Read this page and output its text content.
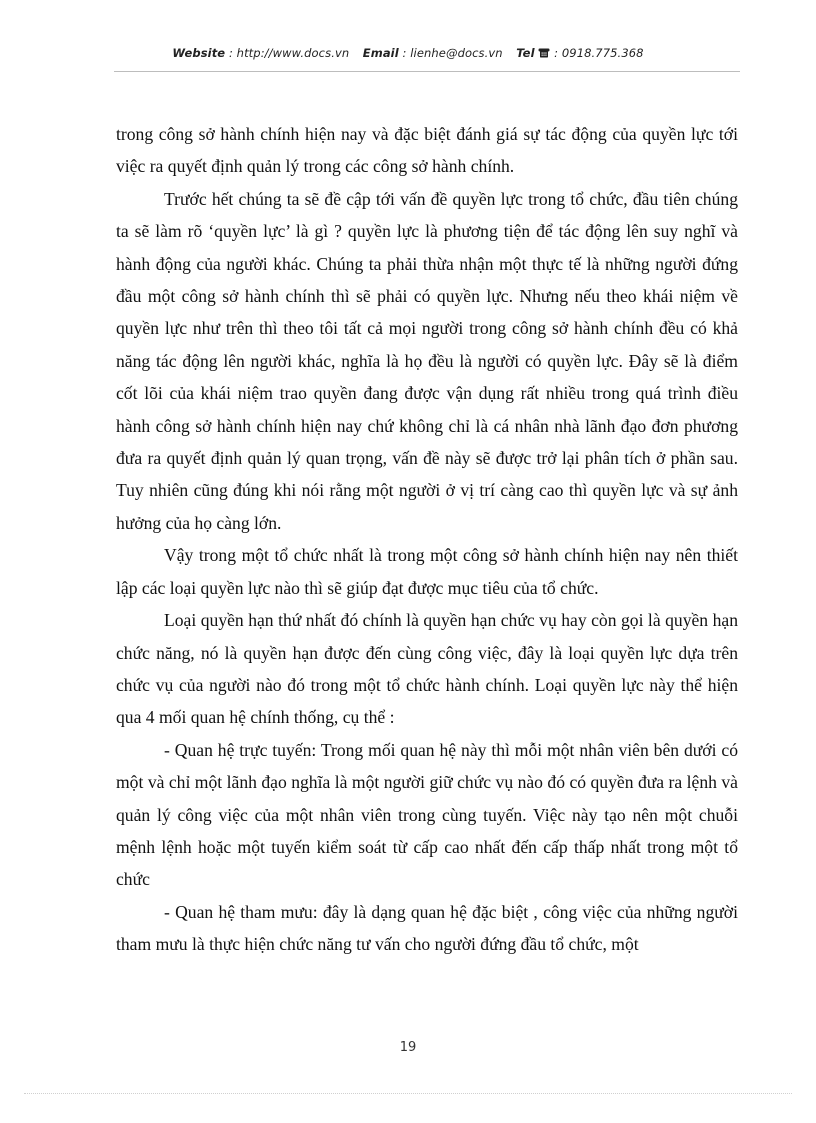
Website : http://www.docs.vn Email : lienhe@docs.vn Tel : 0918.775.368

trong công sở hành chính hiện nay và đặc biệt đánh giá sự tác động của quyền lực tới việc ra quyết định quản lý trong các công sở hành chính.

Trước hết chúng ta sẽ đề cập tới vấn đề quyền lực trong tổ chức, đầu tiên chúng ta sẽ làm rõ ‘quyền lực’ là gì ? quyền lực là phương tiện để tác động lên suy nghĩ và hành động của người khác. Chúng ta phải thừa nhận một thực tế là những người đứng đầu một công sở hành chính thì sẽ phải có quyền lực. Nhưng nếu theo khái niệm về quyền lực như trên thì theo tôi tất cả mọi người trong công sở hành chính đều có khả năng tác động lên người khác, nghĩa là họ đều là người có quyền lực. Đây sẽ là điểm cốt lõi của khái niệm trao quyền đang được vận dụng rất nhiều trong quá trình điều hành công sở hành chính hiện nay chứ không chỉ là cá nhân nhà lãnh đạo đơn phương đưa ra quyết định quản lý quan trọng, vấn đề này sẽ được trở lại phân tích ở phần sau. Tuy nhiên cũng đúng khi nói rằng một người ở vị trí càng cao thì quyền lực và sự ảnh hưởng của họ càng lớn.

Vậy trong một tổ chức nhất là trong một công sở hành chính hiện nay nên thiết lập các loại quyền lực nào thì sẽ giúp đạt được mục tiêu của tổ chức.

Loại quyền hạn thứ nhất đó chính là quyền hạn chức vụ hay còn gọi là quyền hạn chức năng, nó là quyền hạn được đến cùng công việc, đây là loại quyền lực dựa trên chức vụ của người nào đó trong một tổ chức hành chính. Loại quyền lực này thể hiện qua 4 mối quan hệ chính thống, cụ thể :

- Quan hệ trực tuyến: Trong mối quan hệ này thì mỗi một nhân viên bên dưới có một và chỉ một lãnh đạo nghĩa là một người giữ chức vụ nào đó có quyền đưa ra lệnh và quản lý công việc của một nhân viên trong cùng tuyến. Việc này tạo nên một chuỗi mệnh lệnh hoặc một tuyến kiểm soát từ cấp cao nhất đến cấp thấp nhất trong một tổ chức

- Quan hệ tham mưu: đây là dạng quan hệ đặc biệt , công việc của những người tham mưu là thực hiện chức năng tư vấn cho người đứng đầu tổ chức, một

19
